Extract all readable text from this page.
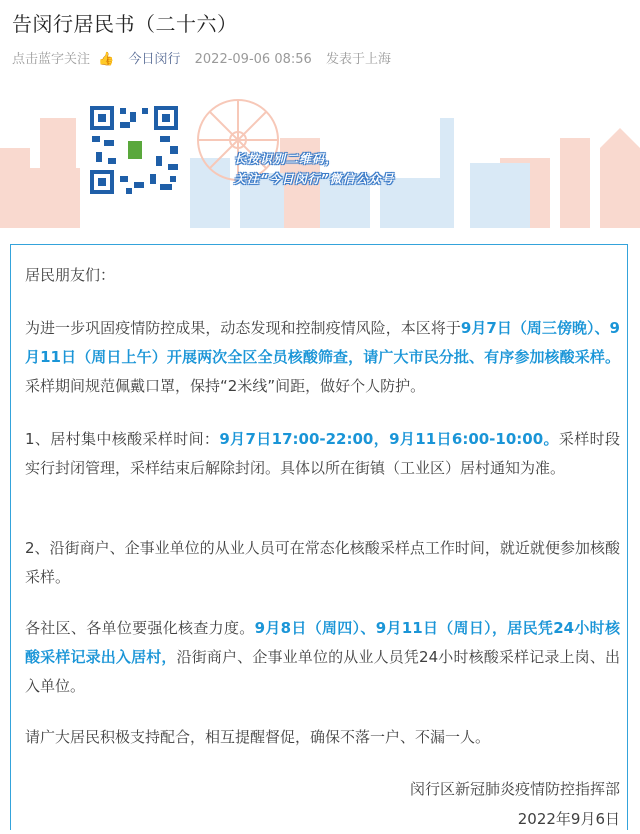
告闵行居民书（二十六）
点击蓝字关注 👍 今日闵行 2022-09-06 08:56 发表于上海
长按识别二维码，
关注“今日闵行”微信公众号

居民朋友们：

为进一步巩固疫情防控成果，动态发现和控制疫情风险，本区将于9月7日（周三傍晚）、9月11日（周日上午）开展两次全区全员核酸筛查，请广大市民分批、有序参加核酸采样。采样期间规范佩戴口罩，保持“2米线”间距，做好个人防护。

1、居村集中核酸采样时间：9月7日17:00-22:00，9月11日6:00-10:00。采样时段实行封闭管理，采样结束后解除封闭。具体以所在街镇（工业区）居村通知为准。

2、沿街商户、企事业单位的从业人员可在常态化核酸采样点工作时间，就近就便参加核酸采样。

各社区、各单位要强化核查力度。9月8日（周四）、9月11日（周日），居民凭24小时核酸采样记录出入居村，沿街商户、企事业单位的从业人员凭24小时核酸采样记录上岗、出入单位。

请广大居民积极支持配合，相互提醒督促，确保不落一户、不漏一人。

闵行区新冠肺炎疫情防控指挥部

2022年9月6日
